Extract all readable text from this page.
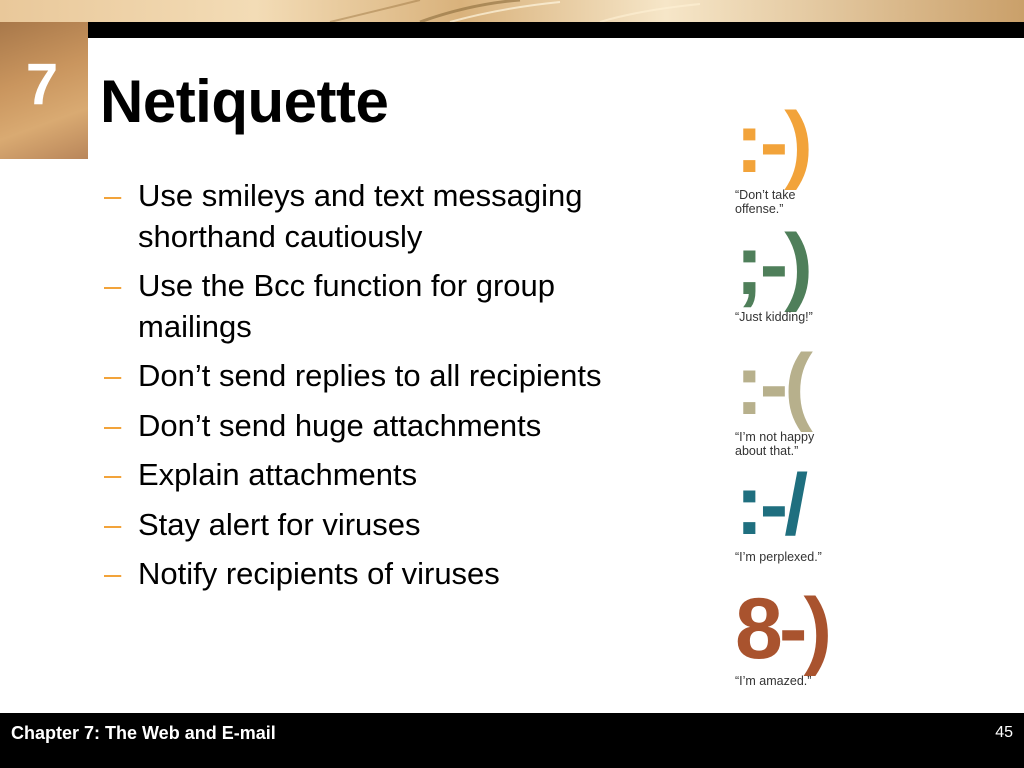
7 Netiquette
– Use smileys and text messaging shorthand cautiously
– Use the Bcc function for group mailings
– Don’t send replies to all recipients
– Don’t send huge attachments
– Explain attachments
– Stay alert for viruses
– Notify recipients of viruses
:-)
“Don’t take
offense.”
;-)
“Just kidding!”
:-(
“I’m not happy
about that.”
:-/
“I’m perplexed.”
8-)
“I’m amazed.”
Chapter 7: The Web and E-mail	45
